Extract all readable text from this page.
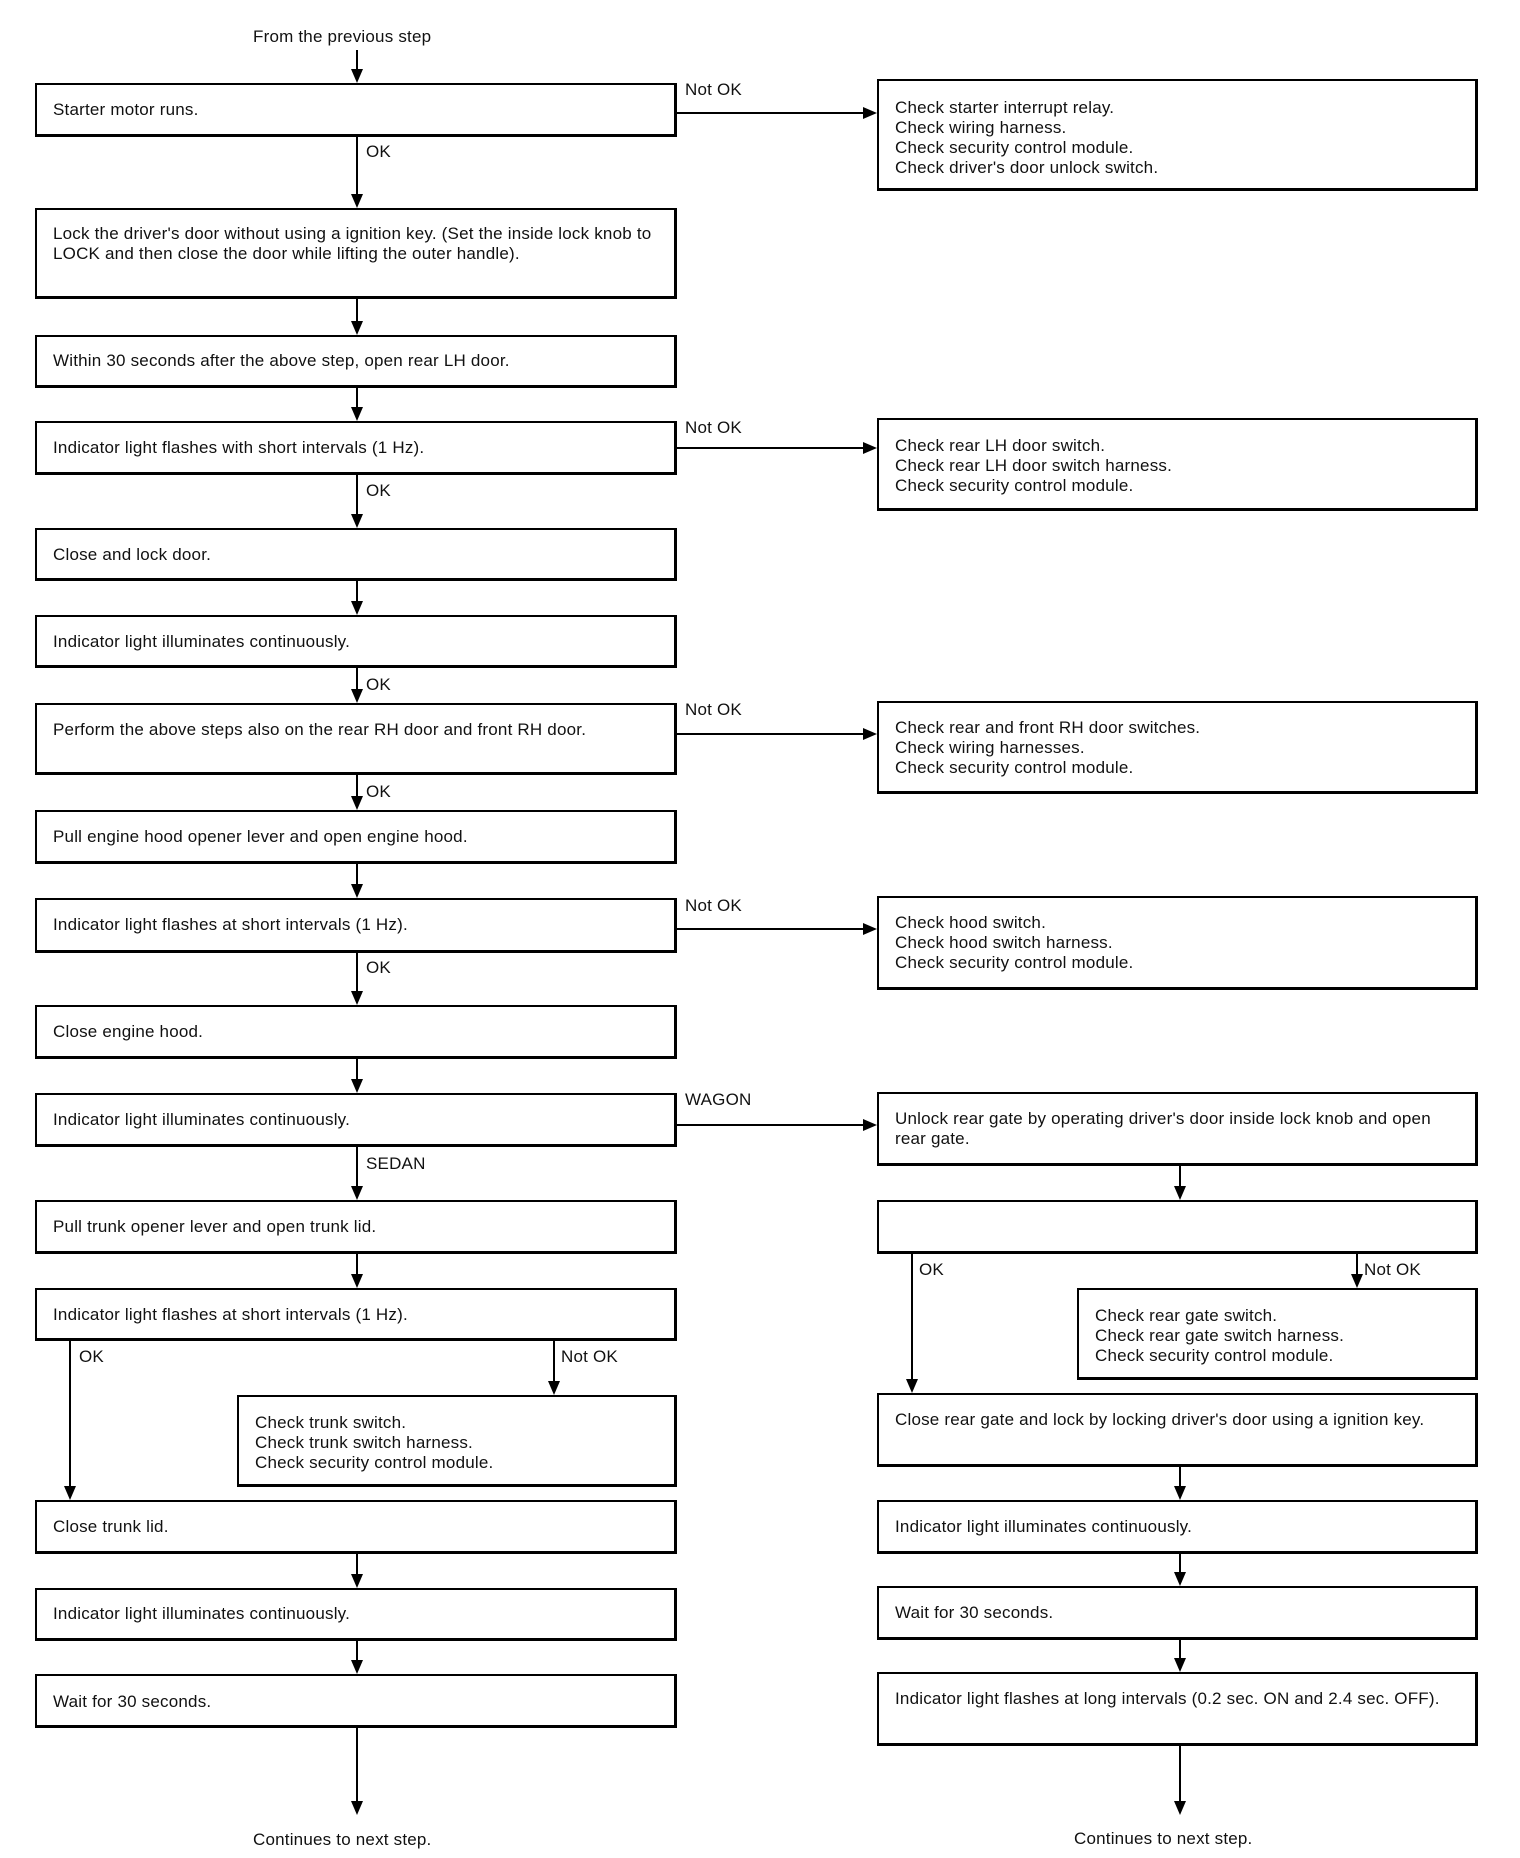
From the previous step
Starter motor runs.	Check starter interrupt relay.
Check wiring harness.
Check security control module.
Check driver's door unlock switch.
Lock the driver's door without using a ignition key. (Set the inside lock knob to LOCK and then close the door while lifting the outer handle).
Within 30 seconds after the above step, open rear LH door.
Indicator light flashes with short intervals (1 Hz).	Check rear LH door switch.
Check rear LH door switch harness.
Check security control module.
Close and lock door.
Indicator light illuminates continuously.
Perform the above steps also on the rear RH door and front RH door.	Check rear and front RH door switches.
Check wiring harnesses.
Check security control module.
Pull engine hood opener lever and open engine hood.
Indicator light flashes at short intervals (1 Hz).	Check hood switch.
Check hood switch harness.
Check security control module.
Close engine hood.
Indicator light illuminates continuously.
Pull trunk opener lever and open trunk lid.
Indicator light flashes at short intervals (1 Hz).
Check trunk switch.
Check trunk switch harness.
Check security control module.
Close trunk lid.
Indicator light illuminates continuously.
Wait for 30 seconds.
Unlock rear gate by operating driver's door inside lock knob and open rear gate.
Check rear gate switch.
Check rear gate switch harness.
Check security control module.
Close rear gate and lock by locking driver's door using a ignition key.
Indicator light illuminates continuously.
Wait for 30 seconds.
Indicator light flashes at long intervals (0.2 sec. ON and 2.4 sec. OFF).
Not OK
OK
Not OK
OK
OK
Not OK
OK
Not OK
OK
WAGON
SEDAN
OK	Not OK
OK	Not OK
Continues to next step.	Continues to next step.
